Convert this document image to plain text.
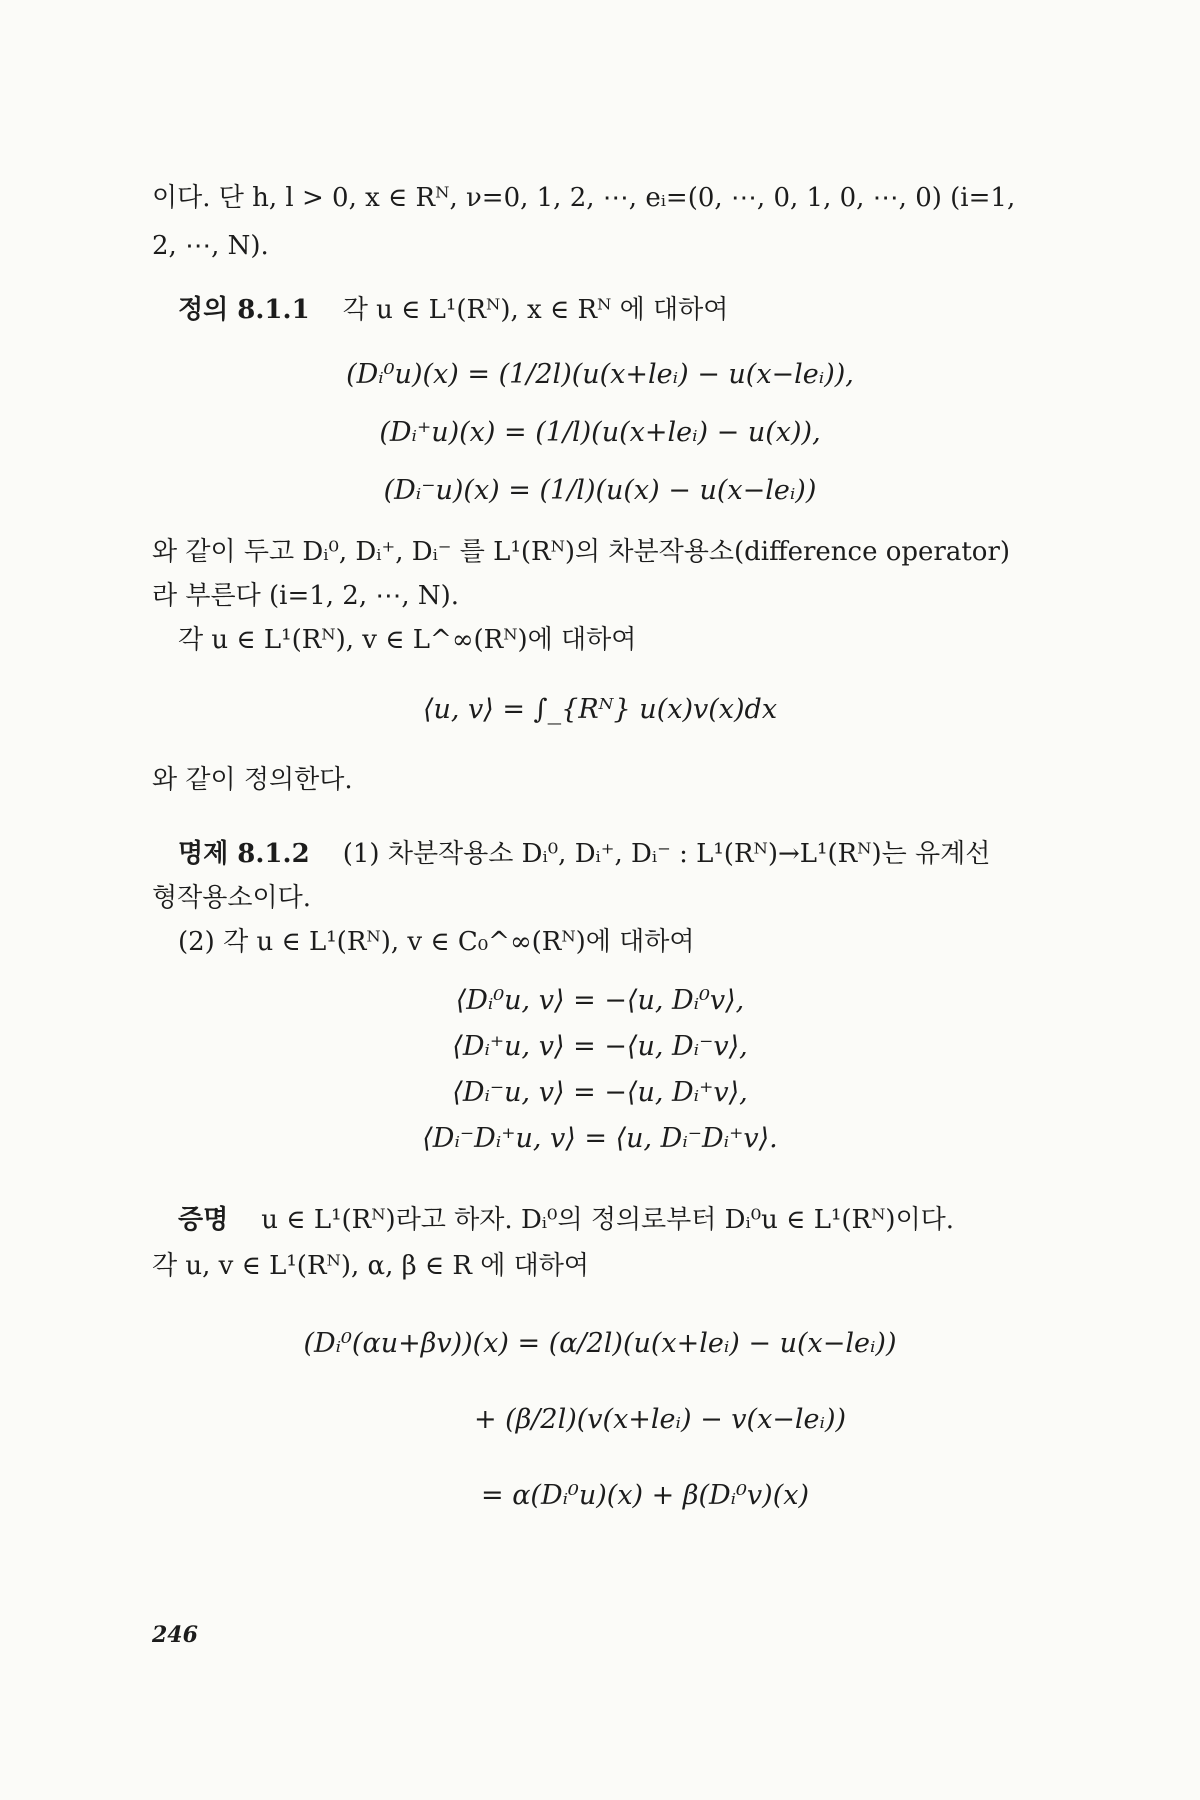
이다. 단 h, l > 0, x ∈ Rᴺ, ν=0, 1, 2, ⋯, eᵢ=(0, ⋯, 0, 1, 0, ⋯, 0) (i=1,
2, ⋯, N).
정의 8.1.1 각 u ∈ L¹(Rᴺ), x ∈ Rᴺ 에 대하여
(Dᵢ⁰u)(x) = (1/2l)(u(x+leᵢ) − u(x−leᵢ)),
(Dᵢ⁺u)(x) = (1/l)(u(x+leᵢ) − u(x)),
(Dᵢ⁻u)(x) = (1/l)(u(x) − u(x−leᵢ))
와 같이 두고 Dᵢ⁰, Dᵢ⁺, Dᵢ⁻ 를 L¹(Rᴺ)의 차분작용소(difference operator)
라 부른다 (i=1, 2, ⋯, N).
각 u ∈ L¹(Rᴺ), v ∈ L^∞(Rᴺ)에 대하여
⟨u, v⟩ = ∫_{Rᴺ} u(x)v(x)dx
와 같이 정의한다.
명제 8.1.2 (1) 차분작용소 Dᵢ⁰, Dᵢ⁺, Dᵢ⁻ : L¹(Rᴺ)→L¹(Rᴺ)는 유계선
형작용소이다.
(2) 각 u ∈ L¹(Rᴺ), v ∈ C₀^∞(Rᴺ)에 대하여
⟨Dᵢ⁰u, v⟩ = −⟨u, Dᵢ⁰v⟩,
⟨Dᵢ⁺u, v⟩ = −⟨u, Dᵢ⁻v⟩,
⟨Dᵢ⁻u, v⟩ = −⟨u, Dᵢ⁺v⟩,
⟨Dᵢ⁻Dᵢ⁺u, v⟩ = ⟨u, Dᵢ⁻Dᵢ⁺v⟩.
증명 u ∈ L¹(Rᴺ)라고 하자. Dᵢ⁰의 정의로부터 Dᵢ⁰u ∈ L¹(Rᴺ)이다.
각 u, v ∈ L¹(Rᴺ), α, β ∈ R 에 대하여
(Dᵢ⁰(αu+βv))(x) = (α/2l)(u(x+leᵢ) − u(x−leᵢ))
+ (β/2l)(v(x+leᵢ) − v(x−leᵢ))
= α(Dᵢ⁰u)(x) + β(Dᵢ⁰v)(x)
246
